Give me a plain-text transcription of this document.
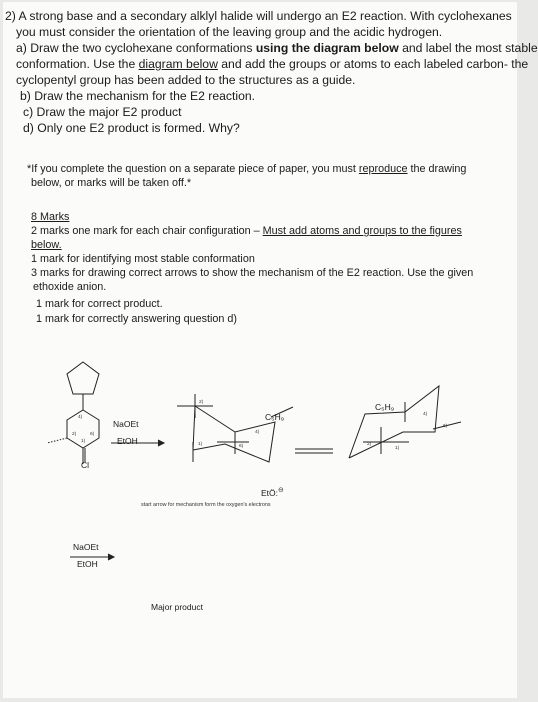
2) A strong base and a secondary alklyl halide will undergo an E2 reaction. With cyclohexanes
you must consider the orientation of the leaving group and the acidic hydrogen.
a) Draw the two cyclohexane conformations using the diagram below and label the most stable
conformation. Use the diagram below and add the groups or atoms to each labeled carbon- the
cyclopentyl group has been added to the structures as a guide.
b) Draw the mechanism for the E2 reaction.
c) Draw the major E2 product
d) Only one E2 product is formed. Why?
*If you complete the question on a separate piece of paper, you must reproduce the drawing
below, or marks will be taken off.*
8 Marks
2 marks one mark for each chair configuration – Must add atoms and groups to the figures
below.
1 mark for identifying most stable conformation
3 marks for drawing correct arrows to show the mechanism of the E2 reaction. Use the given
ethoxide anion.
1 mark for correct product.
1 mark for correctly answering question d)
Cl
4)
2)	6)
1)
NaOEt
EtOH
2)
C₅H₉
4)
1)	6)
C₅H₉
4)
6)
2)
1)
EtÖ:⊖
start arrow for mechanism form the oxygen's electrons
NaOEt
EtOH
Major product
